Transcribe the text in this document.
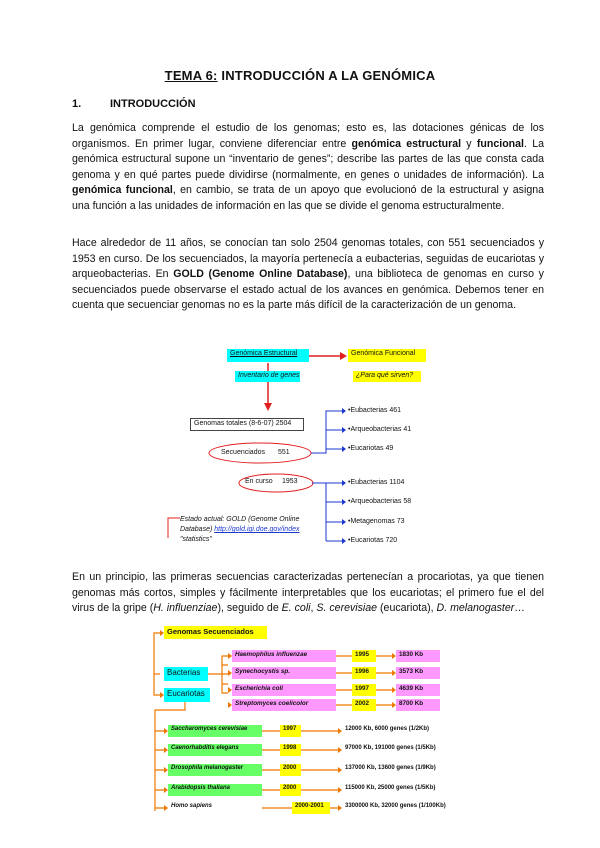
TEMA 6: INTRODUCCIÓN A LA GENÓMICA
1.	INTRODUCCIÓN
La genómica comprende el estudio de los genomas; esto es, las dotaciones génicas de los organismos. En primer lugar, conviene diferenciar entre genómica estructural y funcional. La genómica estructural supone un “inventario de genes”; describe las partes de las que consta cada genoma y en qué partes puede dividirse (normalmente, en genes o unidades de información). La genómica funcional, en cambio, se trata de un apoyo que evolucionó de la estructural y asigna una función a las unidades de información en las que se divide el genoma estructuralmente.
Hace alrededor de 11 años, se conocían tan solo 2504 genomas totales, con 551 secuenciados y 1953 en curso. De los secuenciados, la mayoría pertenecía a eubacterias, seguidas de eucariotas y arqueobacterias. En GOLD (Genome Online Database), una biblioteca de genomas en curso y secuenciados puede observarse el estado actual de los avances en genómica. Debemos tener en cuenta que secuenciar genomas no es la parte más difícil de la caracterización de un genoma.
Genómica Estructural	Genómica Funcional
Inventario de genes	¿Para qué sirven?
Genomas totales (8-6-07) 2504
Secuenciados 551
En curso 1953
•Eubacterias 461
•Arqueobacterias 41
•Eucariotas 49
•Eubacterias 1104
•Arqueobacterias 58
•Metagenomas 73
•Eucariotas 720
Estado actual: GOLD (Genome Online
Database) http://gold.igi.doe.gov/index
"statistics"
En un principio, las primeras secuencias caracterizadas pertenecían a procariotas, ya que tienen genomas más cortos, simples y fácilmente interpretables que los eucariotas; el primero fue el del virus de la gripe (H. influenziae), seguido de E. coli, S. cerevisiae (eucariota), D. melanogaster…
Genomas Secuenciados
Bacterias
Eucariotas
Haemophilus influenzae	1995	1830 Kb
Synechocystis sp.	1996	3573 Kb
Escherichia coli	1997	4639 Kb
Streptomyces coelicolor	2002	8700 Kb
Saccharomyces cerevisiae	1997	12000 Kb, 6000 genes (1/2Kb)
Caenorhabditis elegans	1998	97000 Kb, 191000 genes (1/5Kb)
Drosophila melanogaster	2000	137000 Kb, 13600 genes (1/9Kb)
Arabidopsis thaliana	2000	115000 Kb, 25000 genes (1/5Kb)
Homo sapiens	2000-2001	3300000 Kb, 32000 genes (1/100Kb)
